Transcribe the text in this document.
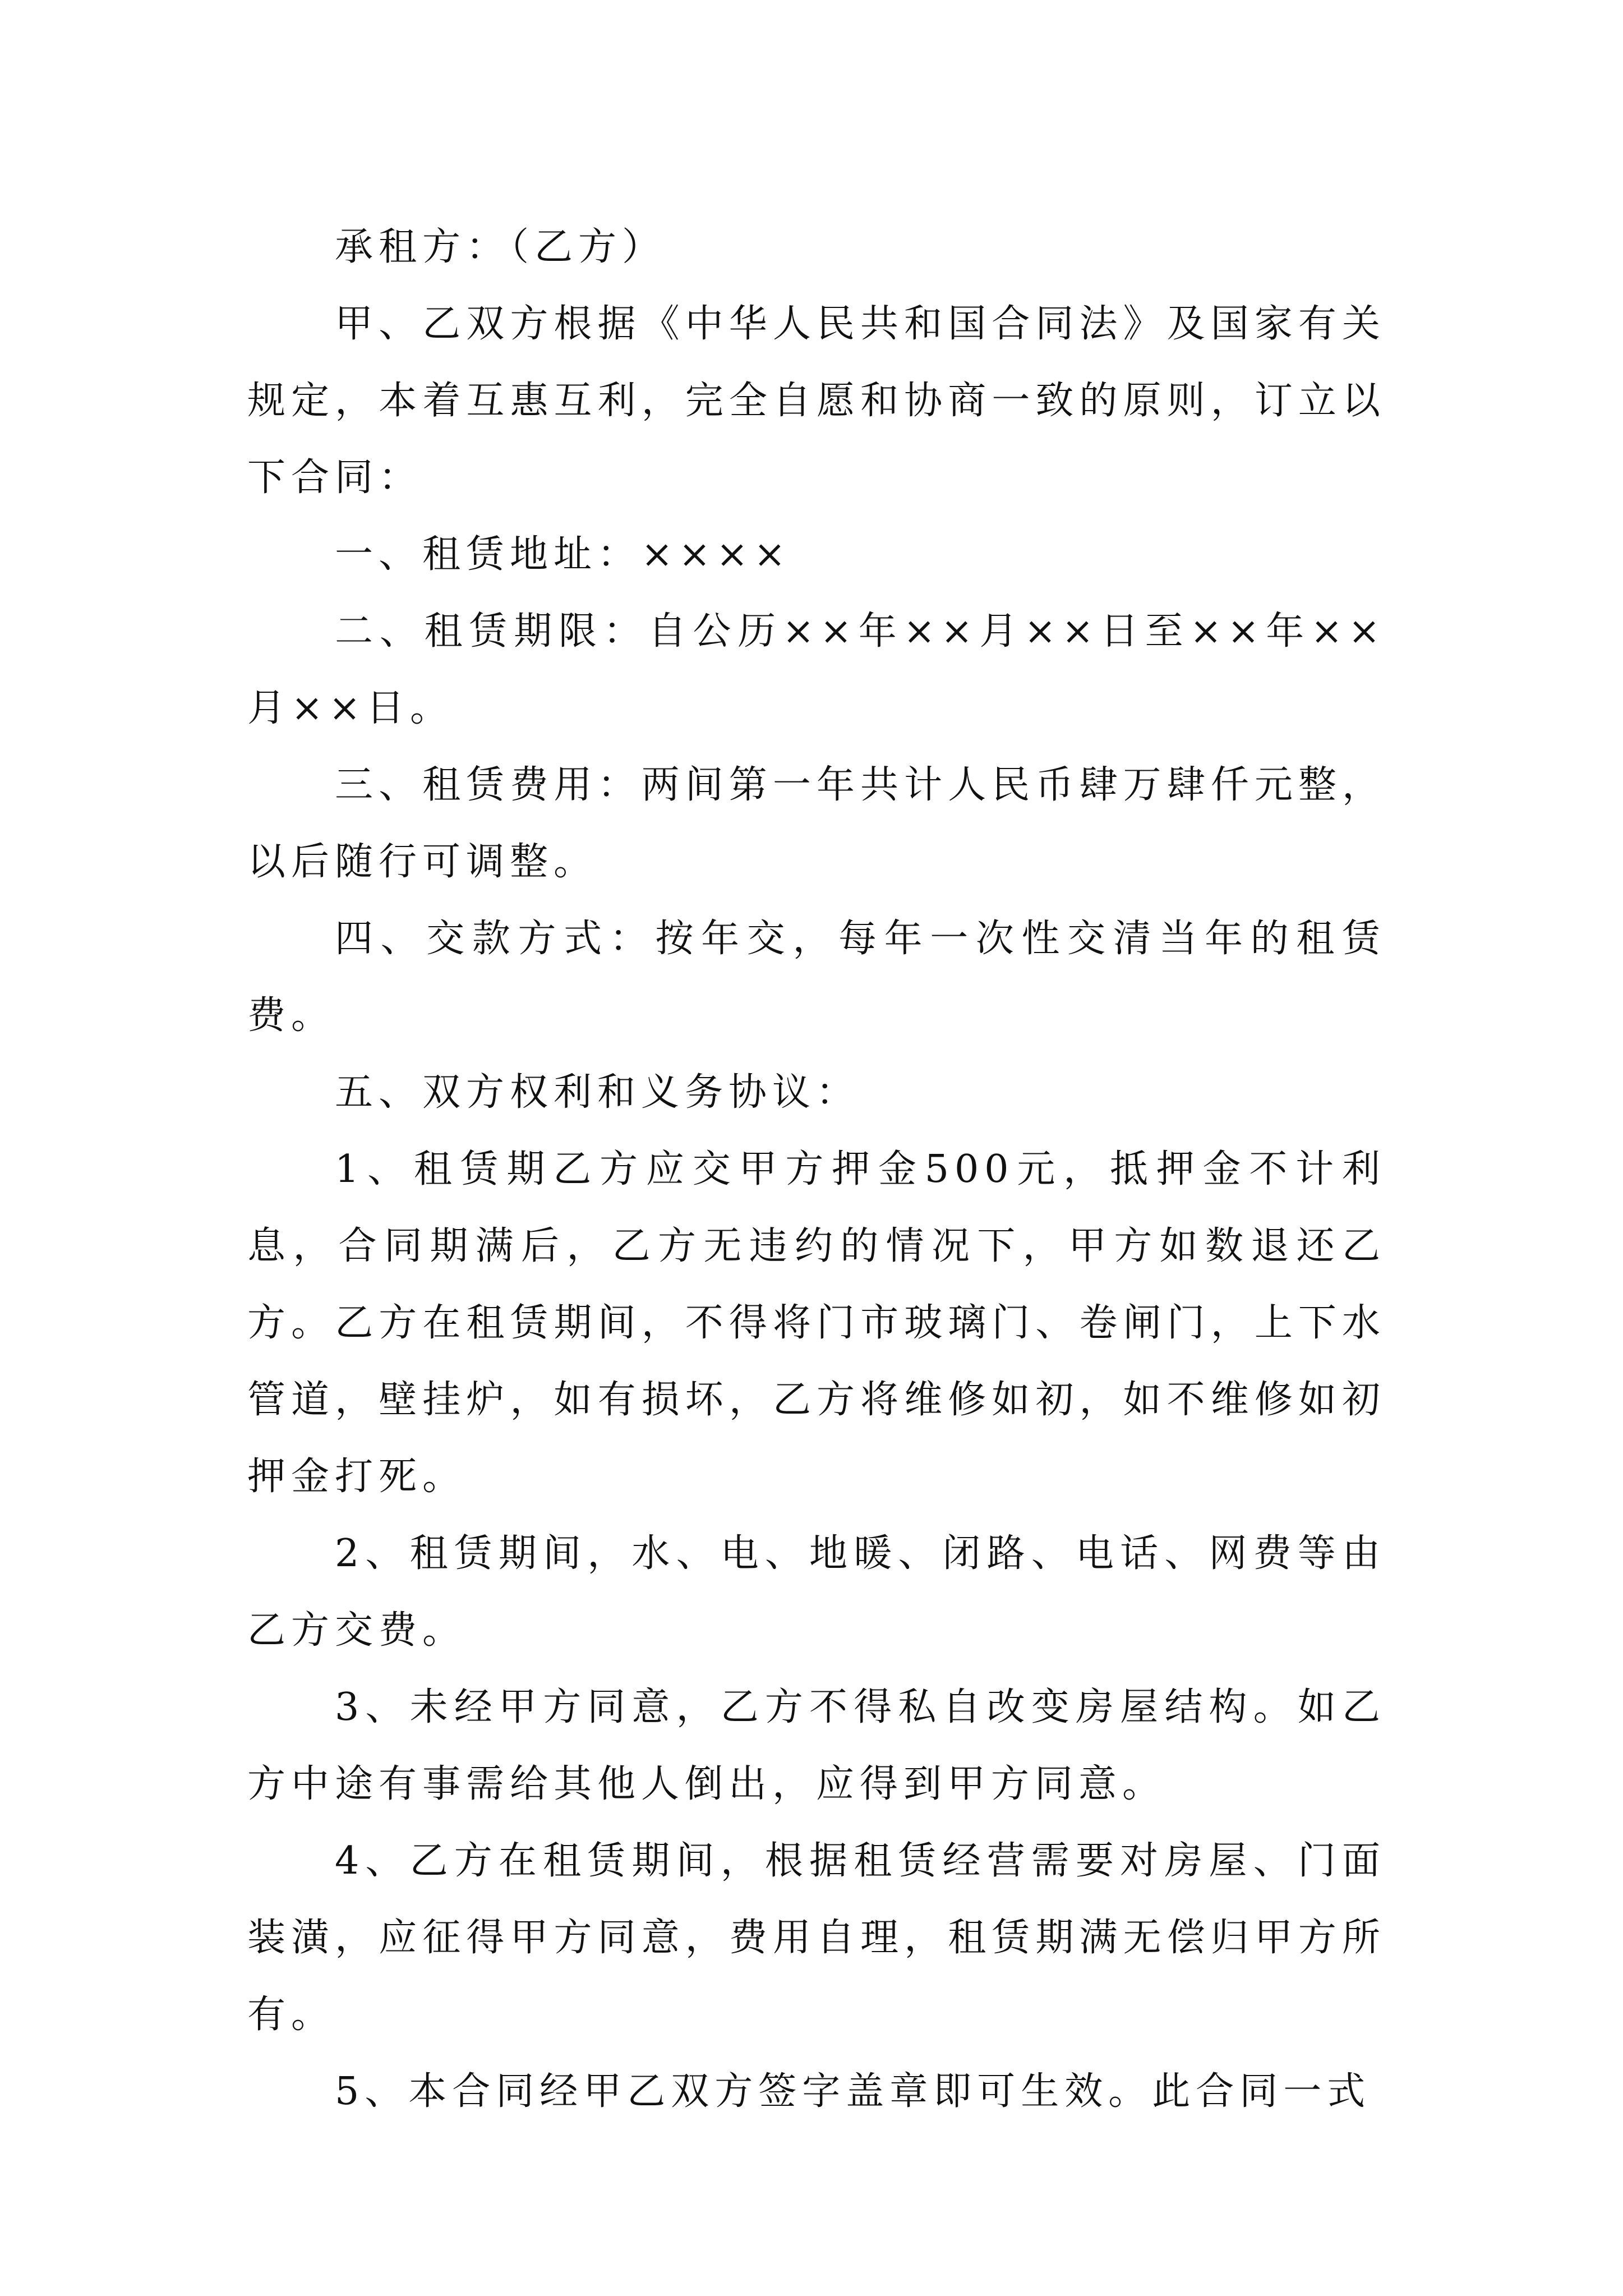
承租方：（乙方）

甲、乙双方根据《中华人民共和国合同法》及国家有关规定，本着互惠互利，完全自愿和协商一致的原则，订立以下合同：

一、租赁地址：××××

二、租赁期限：自公历××年××月××日至××年××月××日。

三、租赁费用：两间第一年共计人民币肆万肆仟元整，以后随行可调整。

四、交款方式：按年交，每年一次性交清当年的租赁费。

五、双方权利和义务协议：

1、租赁期乙方应交甲方押金500元，抵押金不计利息，合同期满后，乙方无违约的情况下，甲方如数退还乙方。乙方在租赁期间，不得将门市玻璃门、卷闸门，上下水管道，壁挂炉，如有损坏，乙方将维修如初，如不维修如初押金打死。

2、租赁期间，水、电、地暖、闭路、电话、网费等由乙方交费。

3、未经甲方同意，乙方不得私自改变房屋结构。如乙方中途有事需给其他人倒出，应得到甲方同意。

4、乙方在租赁期间，根据租赁经营需要对房屋、门面装潢，应征得甲方同意，费用自理，租赁期满无偿归甲方所有。

5、本合同经甲乙双方签字盖章即可生效。此合同一式
